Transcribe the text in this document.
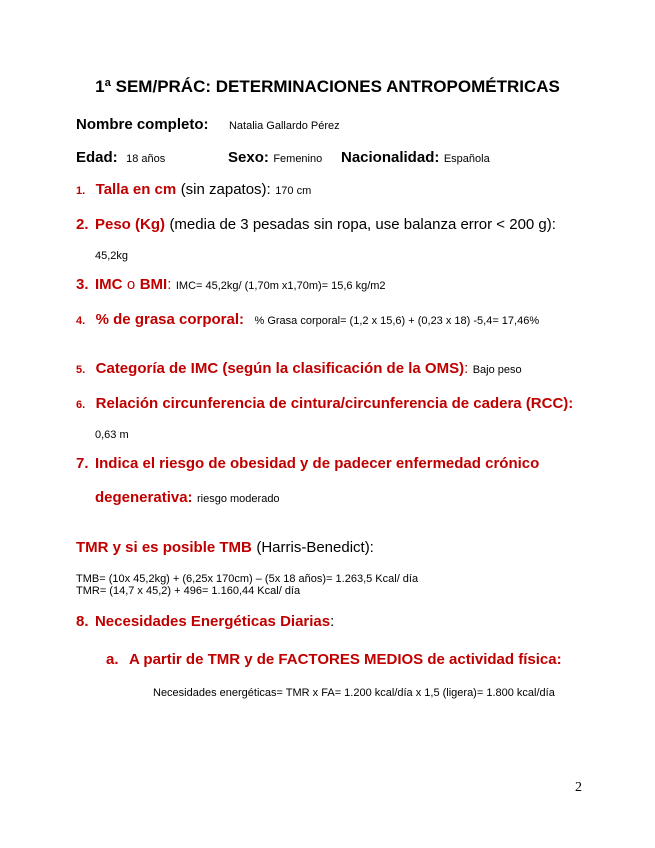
1ª SEM/PRÁC: DETERMINACIONES ANTROPOMÉTRICAS
Nombre completo: Natalia Gallardo Pérez
Edad: 18 años	Sexo: Femenino Nacionalidad: Española
1. Talla en cm (sin zapatos): 170 cm
2. Peso (Kg) (media de 3 pesadas sin ropa, use balanza error < 200 g):
45,2kg
3. IMC o BMI: IMC= 45,2kg/ (1,70m x1,70m)= 15,6 kg/m2
4. % de grasa corporal: % Grasa corporal= (1,2 x 15,6) + (0,23 x 18) -5,4= 17,46%
5. Categoría de IMC (según la clasificación de la OMS): Bajo peso
6. Relación circunferencia de cintura/circunferencia de cadera (RCC):
0,63 m
7. Indica el riesgo de obesidad y de padecer enfermedad crónico
degenerativa: riesgo moderado
TMR y si es posible TMB (Harris-Benedict):
TMB= (10x 45,2kg) + (6,25x 170cm) – (5x 18 años)= 1.263,5 Kcal/ día
TMR= (14,7 x 45,2) + 496= 1.160,44 Kcal/ día
8. Necesidades Energéticas Diarias:
a. A partir de TMR y de FACTORES MEDIOS de actividad física:
Necesidades energéticas= TMR x FA= 1.200 kcal/día x 1,5 (ligera)= 1.800 kcal/día
2
